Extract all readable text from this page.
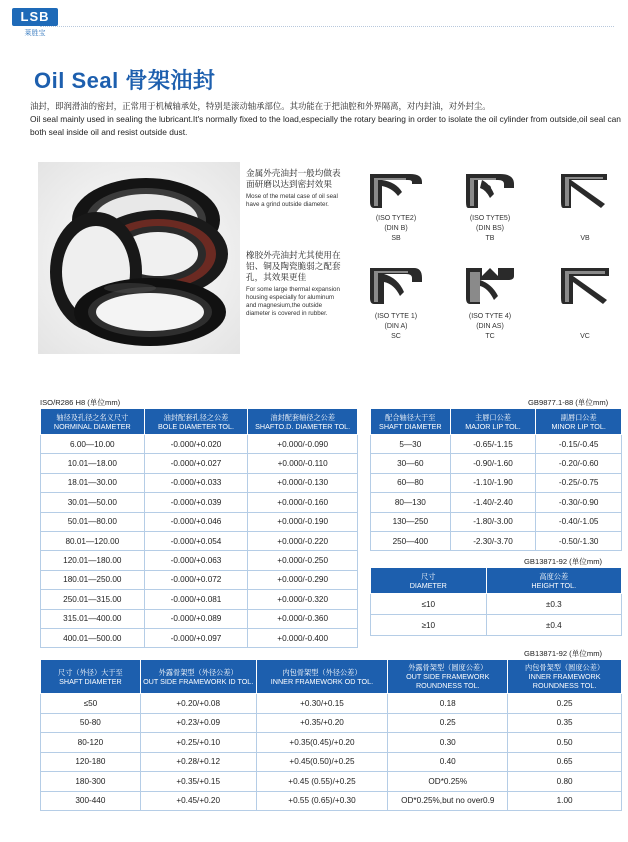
LSB
莱胜宝
Oil Seal 骨架油封
油封，即润滑油的密封，正常用于机械轴承处，特别是滚动轴承部位。其功能在于把油腔和外界隔离，对内封油，对外封尘。
Oil seal mainly used in sealing the lubricant.It's normally fixed to the load,especially the rotary bearing in order to isolate the oil cylinder from outside,oil seal can both seal inside oil and resist outside dust.
金属外壳油封一般均做表面研磨以达到密封效果
Mose of the metal case of oil seal have a grind outside diameter.
橡胶外壳油封尤其使用在铝、铜及陶瓷脆弱之配套孔，其效果更佳
For some large thermal expansion housing especially for aluminum and magnesium,the outside diameter is covered in rubber.
(ISO TYTE2)
(DIN B)
SB
(ISO TYTE5)
(DIN BS)
TB

	VB
(ISO TYTE 1)
(DIN A)
SC
(ISO TYTE 4)
(DIN AS)
TC

	VC
ISO/R286 H8 (单位mm)
轴径及孔径之名义尺寸
NORMINAL DIAMETER	油封配套孔径之公差
BOLE DIAMETER TOL.	油封配套轴径之公差
SHAFTO.D. DIAMETER TOL.
6.00—10.00	-0.000/+0.020	+0.000/-0.090
10.01—18.00	-0.000/+0.027	+0.000/-0.110
18.01—30.00	-0.000/+0.033	+0.000/-0.130
30.01—50.00	-0.000/+0.039	+0.000/-0.160
50.01—80.00	-0.000/+0.046	+0.000/-0.190
80.01—120.00	-0.000/+0.054	+0.000/-0.220
120.01—180.00	-0.000/+0.063	+0.000/-0.250
180.01—250.00	-0.000/+0.072	+0.000/-0.290
250.01—315.00	-0.000/+0.081	+0.000/-0.320
315.01—400.00	-0.000/+0.089	+0.000/-0.360
400.01—500.00	-0.000/+0.097	+0.000/-0.400
GB9877.1-88 (单位mm)
配合轴径大于至
SHAFT DIAMETER	主唇口公差
MAJOR LIP TOL.	副唇口公差
MINOR LIP TOL.
5—30	-0.65/-1.15	-0.15/-0.45
30—60	-0.90/-1.60	-0.20/-0.60
60—80	-1.10/-1.90	-0.25/-0.75
80—130	-1.40/-2.40	-0.30/-0.90
130—250	-1.80/-3.00	-0.40/-1.05
250—400	-2.30/-3.70	-0.50/-1.30
GB13871-92 (单位mm)
尺寸
DIAMETER	高度公差
HEIGHT TOL.
≤10	±0.3
≥10	±0.4
GB13871-92 (单位mm)
尺寸（外径）大于至
SHAFT DIAMETER	外露骨架型（外径公差）
OUT SIDE FRAMEWORK ID TOL.	内包骨架型（外径公差）
INNER FRAMEWORK OD TOL.	外露骨架型（圆度公差）
OUT SIDE FRAMEWORK ROUNDNESS TOL.	内包骨架型（圆度公差）
INNER FRAMEWORK ROUNDNESS TOL.
≤50	+0.20/+0.08	+0.30/+0.15	0.18	0.25
50-80	+0.23/+0.09	+0.35/+0.20	0.25	0.35
80-120	+0.25/+0.10	+0.35(0.45)/+0.20	0.30	0.50
120-180	+0.28/+0.12	+0.45(0.50)/+0.25	0.40	0.65
180-300	+0.35/+0.15	+0.45 (0.55)/+0.25	OD*0.25%	0.80
300-440	+0.45/+0.20	+0.55 (0.65)/+0.30	OD*0.25%,but no over0.9	1.00
